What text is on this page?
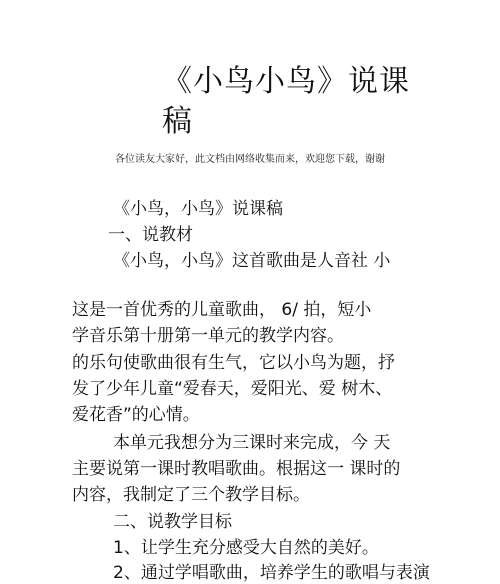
《小鸟小鸟》说课稿
各位读友大家好，此文档由网络收集而来，欢迎您下载，谢谢
《小鸟，小鸟》说课稿
一、说教材
《小鸟，小鸟》这首歌曲是人音社 小
这是一首优秀的儿童歌曲， 6/ 拍，短小
学音乐第十册第一单元的教学内容。
的乐句使歌曲很有生气，它以小鸟为题，抒
发了少年儿童“爱春天，爱阳光、爱 树木、
爱花香”的心情。
本单元我想分为三课时来完成，今 天
主要说第一课时教唱歌曲。根据这一 课时的
内容，我制定了三个教学目标。
二、说教学目标
1、让学生充分感受大自然的美好。
2、通过学唱歌曲，培养学生的歌唱与表演
